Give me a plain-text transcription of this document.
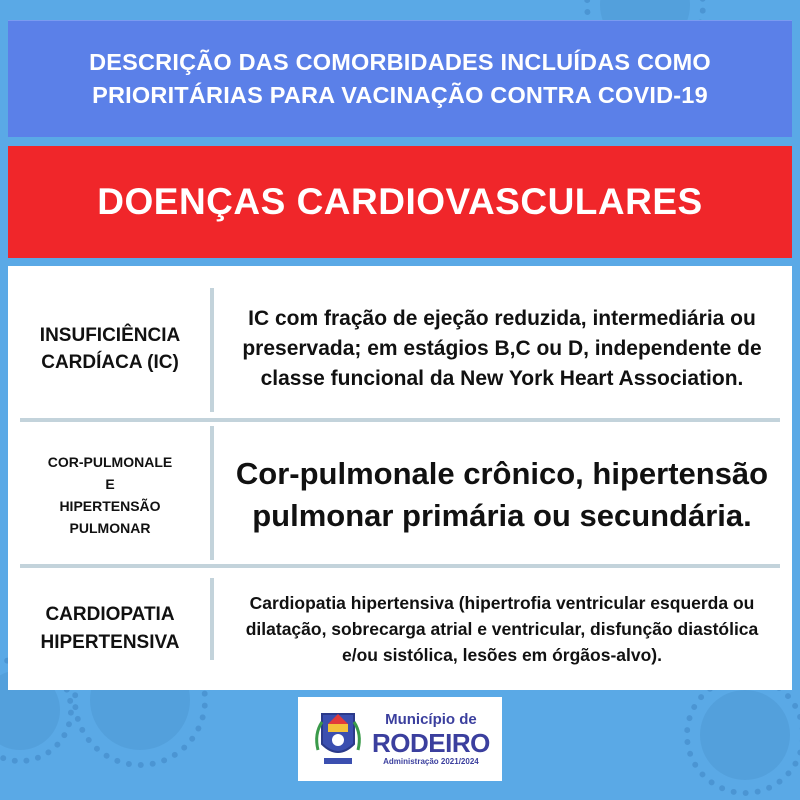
DESCRIÇÃO DAS COMORBIDADES INCLUÍDAS COMO PRIORITÁRIAS PARA VACINAÇÃO CONTRA COVID-19
DOENÇAS CARDIOVASCULARES
INSUFICIÊNCIA CARDÍACA (IC)
IC com fração de ejeção reduzida, intermediária ou preservada; em estágios B,C ou D, independente de classe funcional da New York Heart Association.
COR-PULMONALE
E
HIPERTENSÃO
PULMONAR
Cor-pulmonale crônico, hipertensão pulmonar primária ou secundária.
CARDIOPATIA HIPERTENSIVA
Cardiopatia hipertensiva (hipertrofia ventricular esquerda ou dilatação, sobrecarga atrial e ventricular, disfunção diastólica e/ou sistólica, lesões em órgãos-alvo).
Município de
RODEIRO
Administração 2021/2024
